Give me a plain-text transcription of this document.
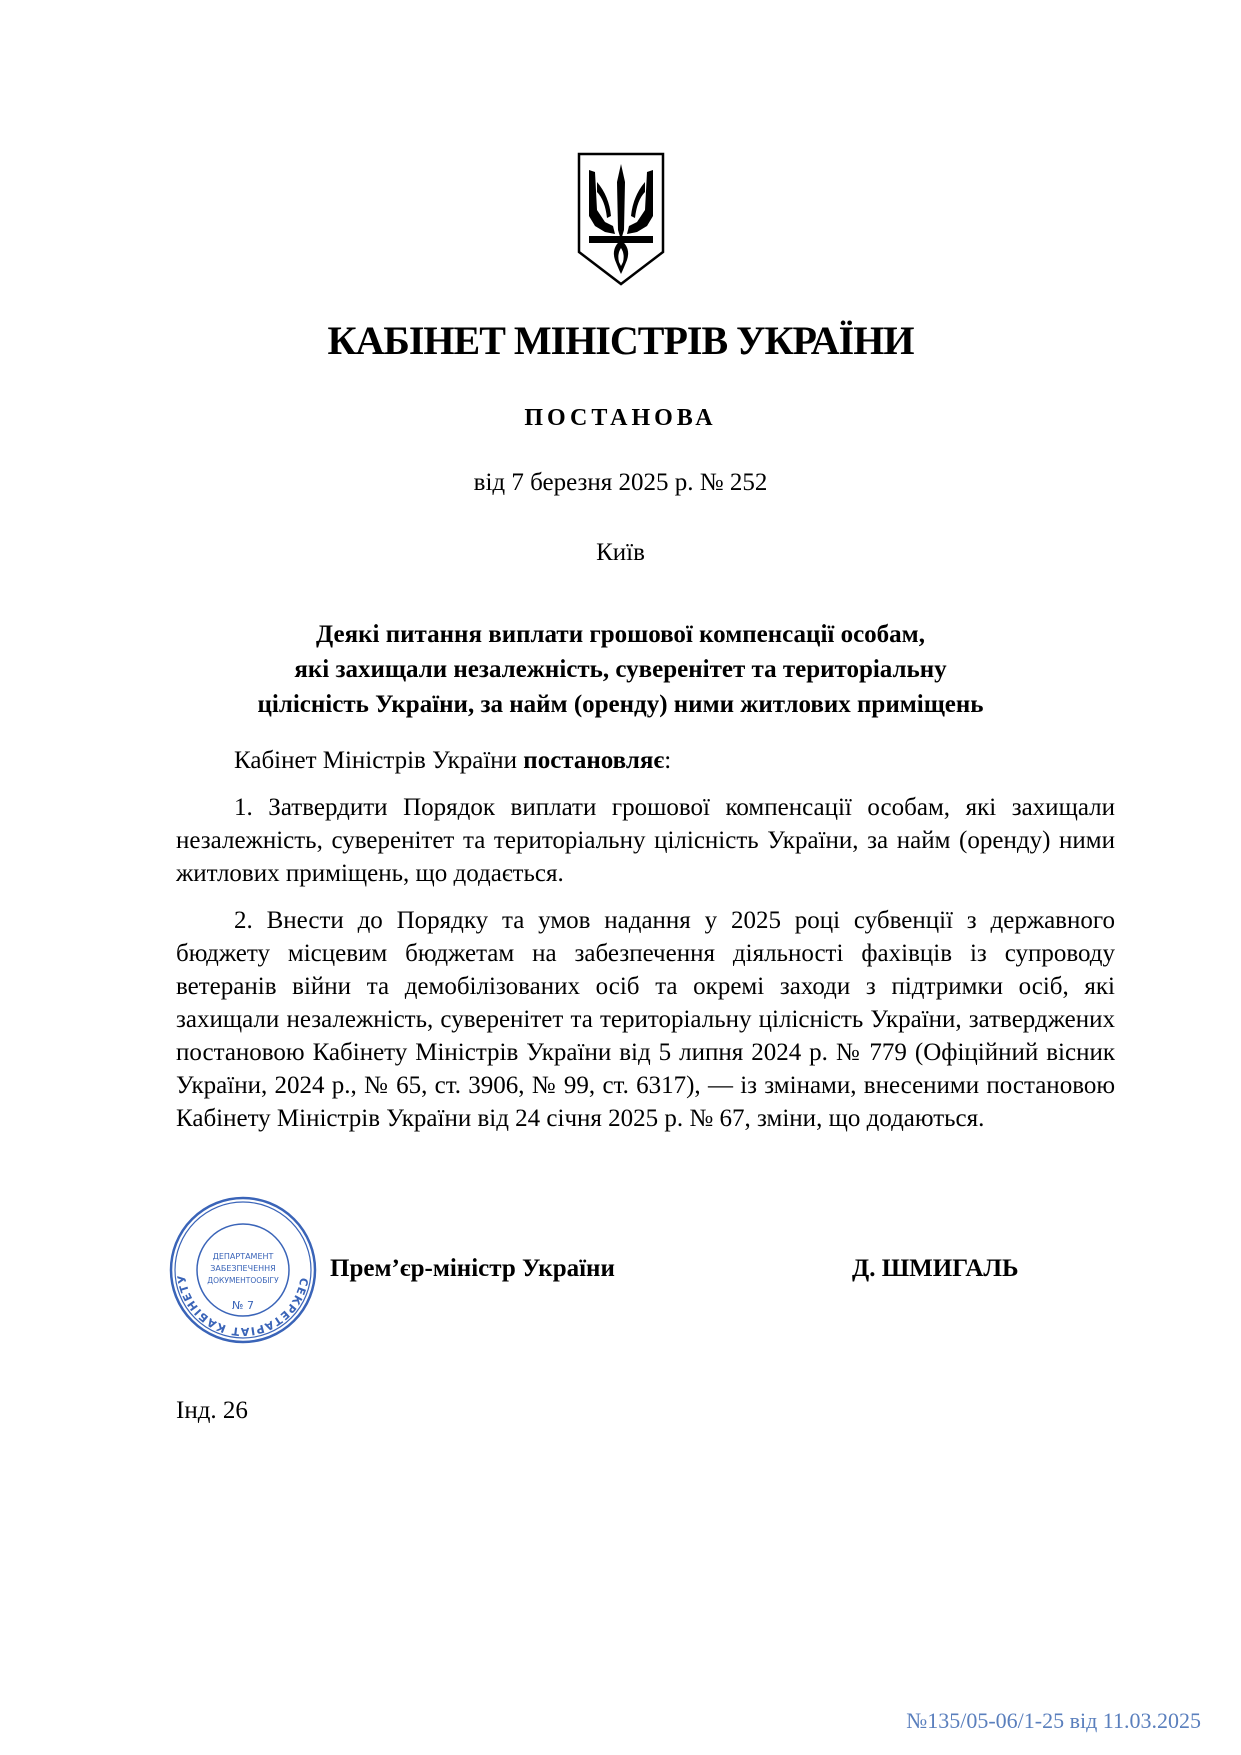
КАБІНЕТ МІНІСТРІВ УКРАЇНИ
ПОСТАНОВА
від 7 березня 2025 р. № 252
Київ
Деякі питання виплати грошової компенсації особам,
які захищали незалежність, суверенітет та територіальну
цілісність України, за найм (оренду) ними житлових приміщень

Кабінет Міністрів України постановляє:

1. Затвердити Порядок виплати грошової компенсації особам, які захищали незалежність, суверенітет та територіальну цілісність України, за найм (оренду) ними житлових приміщень, що додається.

2. Внести до Порядку та умов надання у 2025 році субвенції з державного бюджету місцевим бюджетам на забезпечення діяльності фахівців із супроводу ветеранів війни та демобілізованих осіб та окремі заходи з підтримки осіб, які захищали незалежність, суверенітет та територіальну цілісність України, затверджених постановою Кабінету Міністрів України від 5 липня 2024 р. № 779 (Офіційний вісник України, 2024 р., № 65, ст. 3906, № 99, ст. 6317), — із змінами, внесеними постановою Кабінету Міністрів України від 24 січня 2025 р. № 67, зміни, що додаються.

СЕКРЕТАРІАТ КАБІНЕТУ
ДЕПАРТАМЕНТ
ЗАБЕЗПЕЧЕННЯ
ДОКУМЕНТООБІГУ
№ 7
Прем’єр-міністр України	Д. ШМИГАЛЬ
Інд. 26
№135/05-06/1-25 від 11.03.2025
